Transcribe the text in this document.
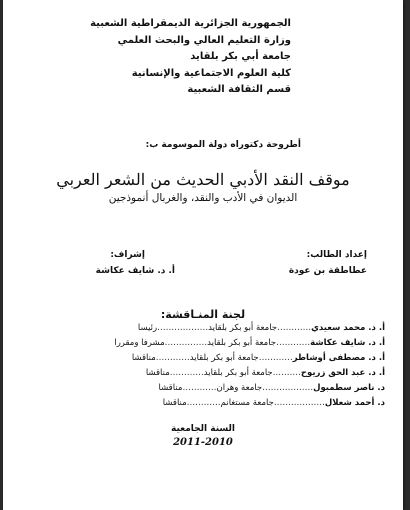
الجمهورية الجزائرية الديمقراطية الشعبية
وزارة التعليم العالي والبحث العلمي
جامعة أبي بكر بلقايد
كلية العلوم الاجتماعية والإنسانية
قسم الثقافة الشعبية
أطروحة دكتوراه دولة الموسومة ب:
موقف النقد الأدبي الحديث من الشعر العربي
الديوان في الأدب والنقد، والغربال أنموذجين
إعداد الطالب:
عطاطقة بن عودة
إشراف:
أ. د. شايف عكاشة
لجنة المنـاقشة:
أ. د. محمد سعيدي…………جامعة أبو بكر بلقايد………………رئيسا
أ. د. شايف عكاشة…………جامعة أبو بكر بلقايد……………مشرفا ومقررا
أ. د. مصطفى أوشاطر…………جامعة أبو بكر بلقايد…………مناقشا
أ. د. عبد الحق زريوح……….جامعة أبو بكر بلقايد…………مناقشا
د. ناصر سطمبول………………جامعة وهران…………مناقشا
د. أحمد شعلال………………جامعة مستغانم…………مناقشا
السنة الجامعية
2011-2010
